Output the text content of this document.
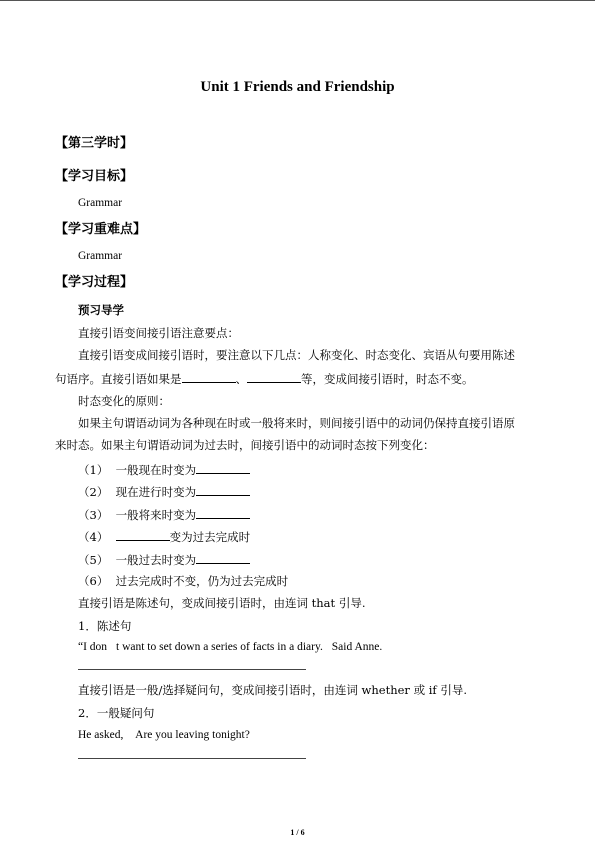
Unit 1 Friends and Friendship
【第三学时】
【学习目标】
Grammar
【学习重难点】
Grammar
【学习过程】
预习导学
直接引语变间接引语注意要点：
直接引语变成间接引语时，要注意以下几点：人称变化、时态变化、宾语从句要用陈述
句语序。直接引语如果是	、	等，变成间接引语时，时态不变。
时态变化的原则：
如果主句谓语动词为各种现在时或一般将来时，则间接引语中的动词仍保持直接引语原
来时态。如果主句谓语动词为过去时，间接引语中的动词时态按下列变化：
（1） 一般现在时变为
（2） 现在进行时变为
（3） 一般将来时变为
（4）	变为过去完成时
（5） 一般过去时变为
（6） 过去完成时不变，仍为过去完成时
直接引语是陈述句，变成间接引语时，由连词 that 引导.
1．陈述句
“I don t want to set down a series of facts in a diary. Said Anne.
直接引语是一般/选择疑问句，变成间接引语时，由连词 whether 或 if 引导.
2．一般疑问句
He asked,  Are you leaving tonight? 
1 / 6
